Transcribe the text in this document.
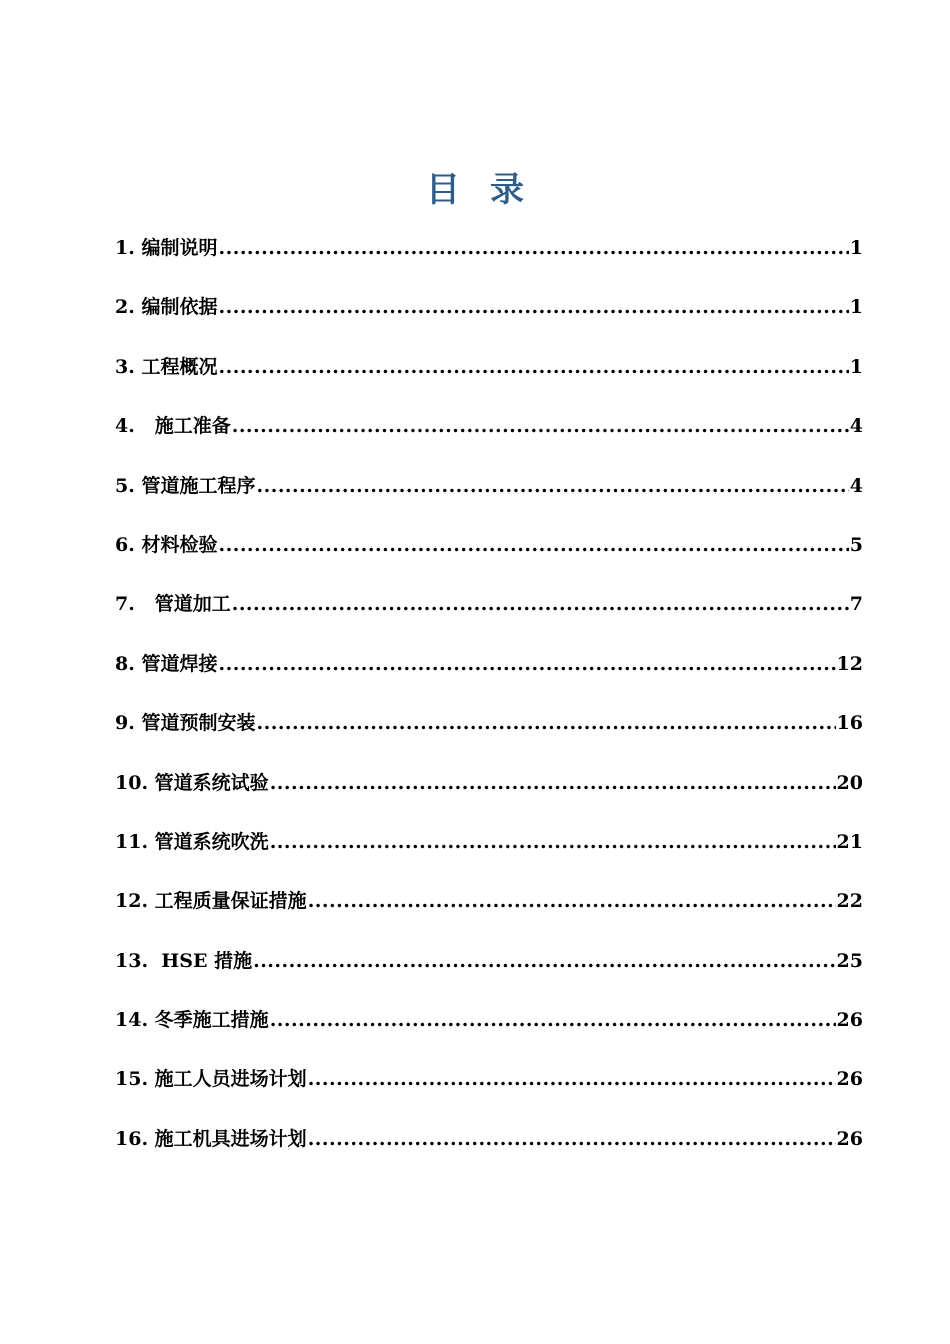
目 录
1. 编制说明 .....	1
2. 编制依据 .....	1
3. 工程概况 .....	1
4. 施工准备 .....	4
5. 管道施工程序 .....	4
6. 材料检验 .....	5
7. 管道加工 .....	7
8. 管道焊接 .....	12
9. 管道预制安装 .....	16
10. 管道系统试验 .....	20
11. 管道系统吹洗 .....	21
12. 工程质量保证措施 .....	22
13. HSE 措施 .....	25
14. 冬季施工措施 .....	26
15. 施工人员进场计划 .....	26
16. 施工机具进场计划 .....	26
